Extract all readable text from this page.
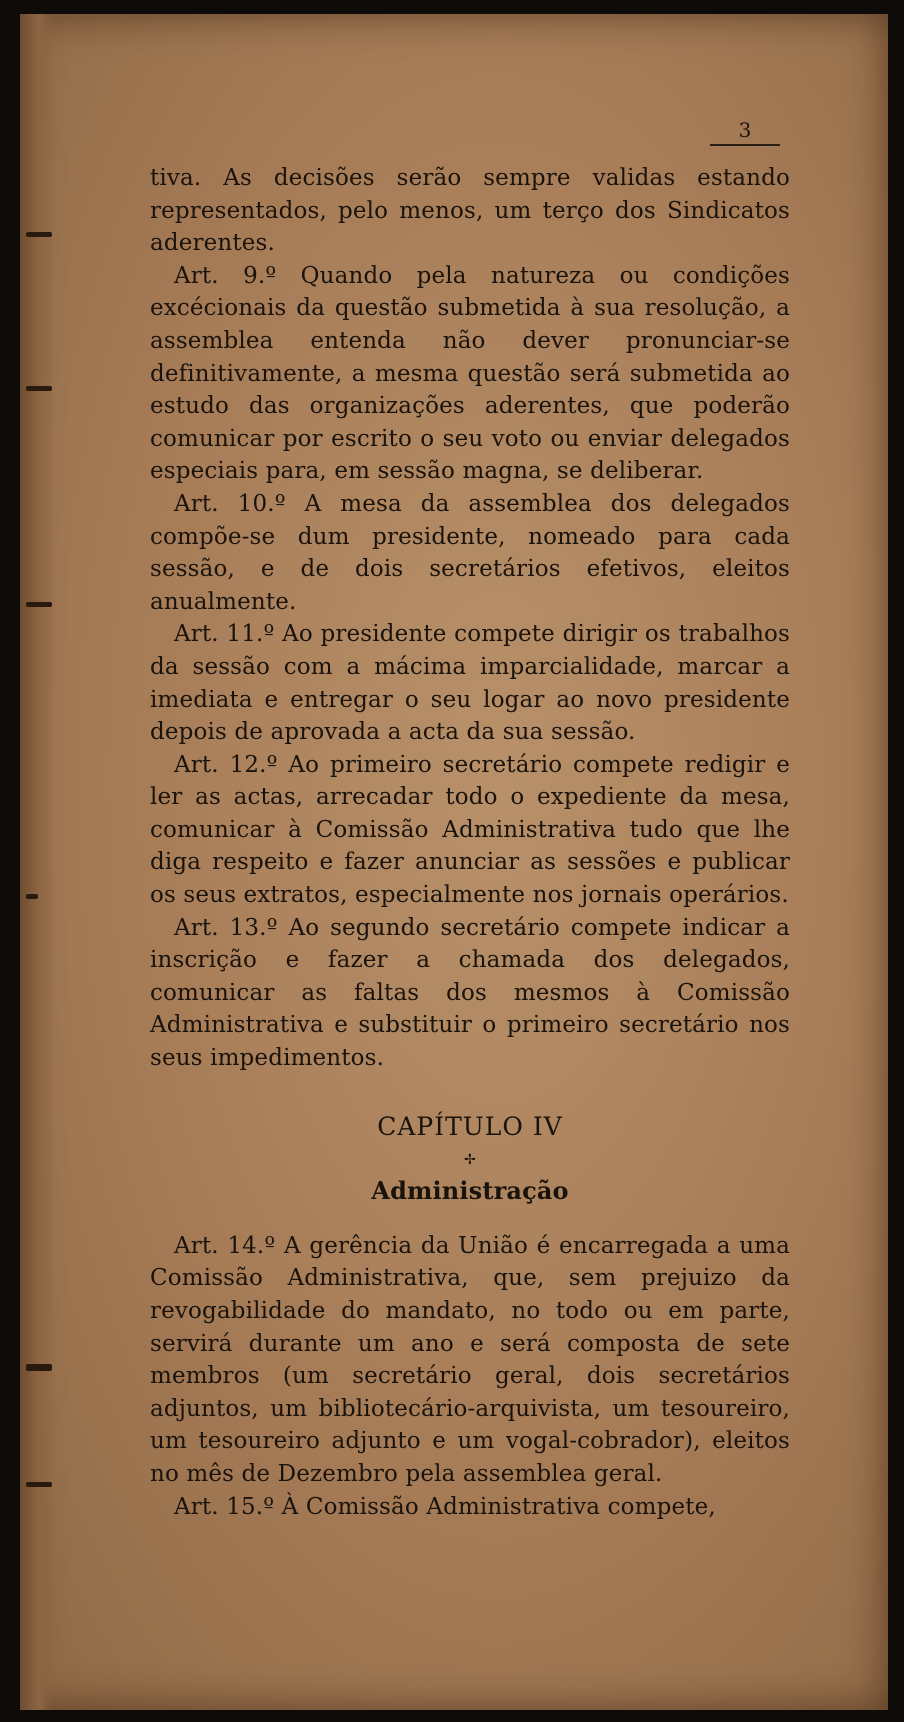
3

tiva. As decisões serão sempre validas estando representados, pelo menos, um terço dos Sindicatos aderentes.

Art. 9.º Quando pela natureza ou condições excécionais da questão submetida à sua resolução, a assemblea entenda não dever pronunciar-se definitivamente, a mesma questão será submetida ao estudo das organizações aderentes, que poderão comunicar por escrito o seu voto ou enviar delegados especiais para, em sessão magna, se deliberar.

Art. 10.º A mesa da assemblea dos delegados compõe-se dum presidente, nomeado para cada sessão, e de dois secretários efetivos, eleitos anualmente.

Art. 11.º Ao presidente compete dirigir os trabalhos da sessão com a mácima imparcialidade, marcar a imediata e entregar o seu logar ao novo presidente depois de aprovada a acta da sua sessão.

Art. 12.º Ao primeiro secretário compete redigir e ler as actas, arrecadar todo o expediente da mesa, comunicar à Comissão Administrativa tudo que lhe diga respeito e fazer anunciar as sessões e publicar os seus extratos, especialmente nos jornais operários.

Art. 13.º Ao segundo secretário compete indicar a inscrição e fazer a chamada dos delegados, comunicar as faltas dos mesmos à Comissão Administrativa e substituir o primeiro secretário nos seus impedimentos.

CAPÍTULO IV
✢
Administração

Art. 14.º A gerência da União é encarregada a uma Comissão Administrativa, que, sem prejuizo da revogabilidade do mandato, no todo ou em parte, servirá durante um ano e será composta de sete membros (um secretário geral, dois secretários adjuntos, um bibliotecário-arquivista, um tesoureiro, um tesoureiro adjunto e um vogal-cobrador), eleitos no mês de Dezembro pela assemblea geral.

Art. 15.º À Comissão Administrativa compete,
